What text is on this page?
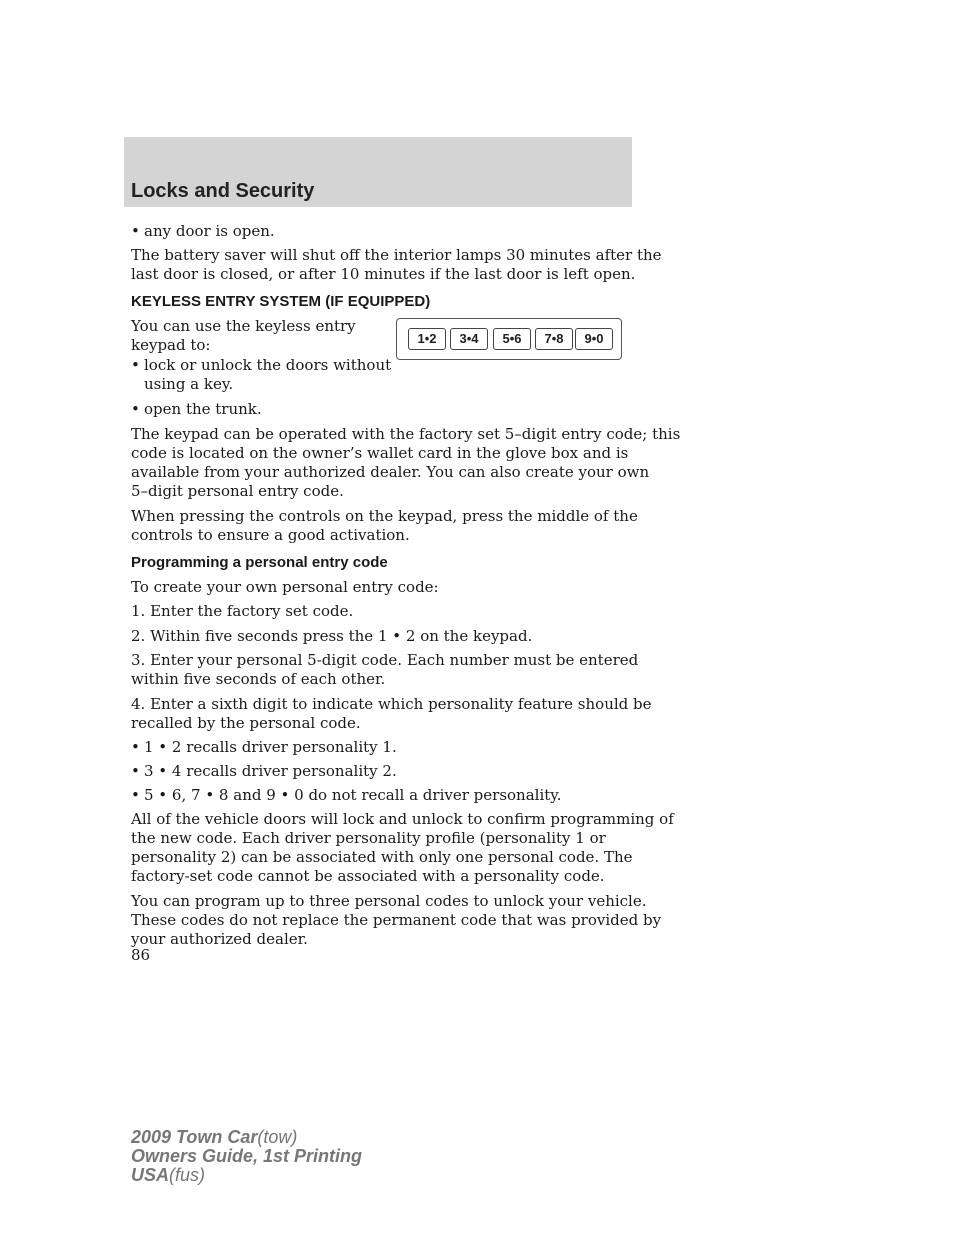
Locks and Security
• any door is open.

The battery saver will shut off the interior lamps 30 minutes after the

last door is closed, or after 10 minutes if the last door is left open.

KEYLESS ENTRY SYSTEM (IF EQUIPPED)

You can use the keyless entry

keypad to:

• lock or unlock the doors without

using a key.

• open the trunk.

1•2	3•4	5•6	7•8	9•0

The keypad can be operated with the factory set 5–digit entry code; this

code is located on the owner’s wallet card in the glove box and is

available from your authorized dealer. You can also create your own

5–digit personal entry code.

When pressing the controls on the keypad, press the middle of the

controls to ensure a good activation.

Programming a personal entry code

To create your own personal entry code:

1. Enter the factory set code.

2. Within five seconds press the 1 • 2 on the keypad.

3. Enter your personal 5-digit code. Each number must be entered

within five seconds of each other.

4. Enter a sixth digit to indicate which personality feature should be

recalled by the personal code.

• 1 • 2 recalls driver personality 1.

• 3 • 4 recalls driver personality 2.

• 5 • 6, 7 • 8 and 9 • 0 do not recall a driver personality.

All of the vehicle doors will lock and unlock to confirm programming of

the new code. Each driver personality profile (personality 1 or

personality 2) can be associated with only one personal code. The

factory-set code cannot be associated with a personality code.

You can program up to three personal codes to unlock your vehicle.

These codes do not replace the permanent code that was provided by

your authorized dealer.

86
2009 Town Car(tow)
Owners Guide, 1st Printing
USA(fus)
